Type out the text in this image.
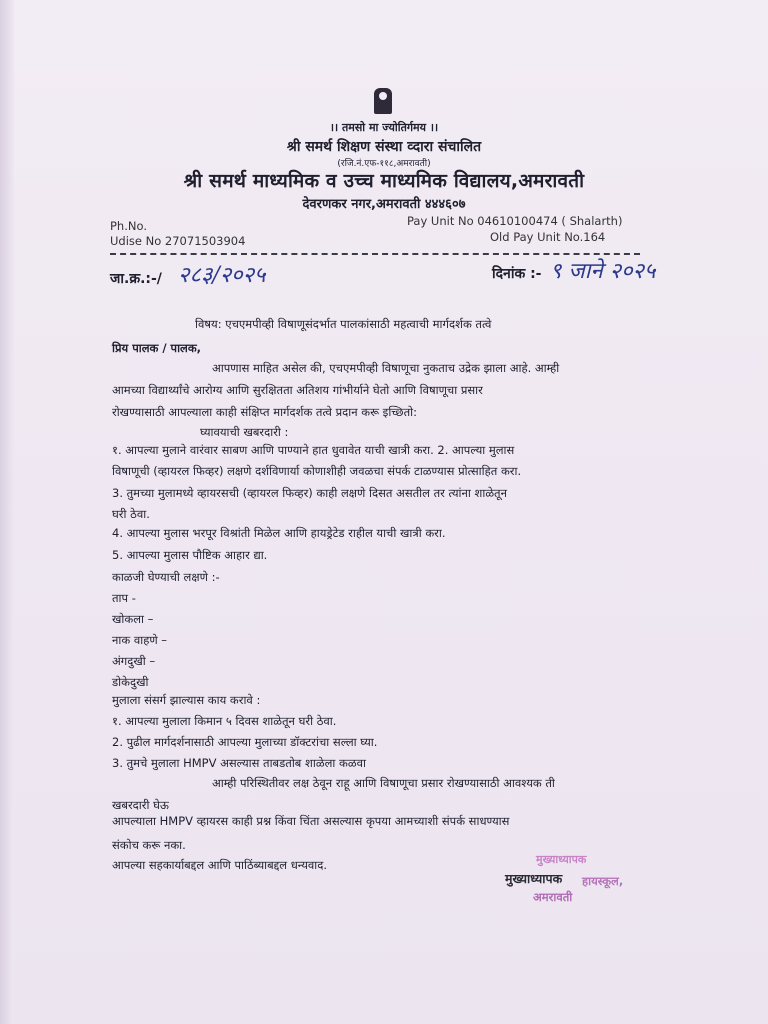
।। तमसो मा ज्योतिर्गमय ।।
श्री समर्थ शिक्षण संस्था व्दारा संचालित
(रजि.नं.एफ-११८,अमरावती)
श्री समर्थ माध्यमिक व उच्च माध्यमिक विद्यालय,अमरावती
देवरणकर नगर,अमरावती ४४४६०७
Ph.No.
Udise No 27071503904
Pay Unit No 04610100474 ( Shalarth)
Old Pay Unit No.164
जा.क्र.:-/ २८३/२०२५	दिनांक :- ९ जाने २०२५
विषय: एचएमपीव्ही विषाणूसंदर्भात पालकांसाठी महत्वाची मार्गदर्शक तत्वे
प्रिय पालक / पालक,
आपणास माहित असेल की, एचएमपीव्ही विषाणूचा नुकताच उद्रेक झाला आहे. आम्ही
आमच्या विद्यार्थ्यांचे आरोग्य आणि सुरक्षितता अतिशय गांभीर्याने घेतो आणि विषाणूचा प्रसार
रोखण्यासाठी आपल्याला काही संक्षिप्त मार्गदर्शक तत्वे प्रदान करू इच्छितो:
घ्यावयाची खबरदारी :
१. आपल्या मुलाने वारंवार साबण आणि पाण्याने हात धुवावेत याची खात्री करा. 2. आपल्या मुलास
विषाणूची (व्हायरल फिव्हर) लक्षणे दर्शविणार्या कोणाशीही जवळचा संपर्क टाळण्यास प्रोत्साहित करा.
3. तुमच्या मुलामध्ये व्हायरसची (व्हायरल फिव्हर) काही लक्षणे दिसत असतील तर त्यांना शाळेतून
घरी ठेवा.
4. आपल्या मुलास भरपूर विश्रांती मिळेल आणि हायड्रेटेड राहील याची खात्री करा.
5. आपल्या मुलास पौष्टिक आहार द्या.
काळजी घेण्याची लक्षणे :-
ताप -
खोकला –
नाक वाहणे –
अंगदुखी –
डोकेदुखी
मुलाला संसर्ग झाल्यास काय करावे :
१. आपल्या मुलाला किमान ५ दिवस शाळेतून घरी ठेवा.
2. पुढील मार्गदर्शनासाठी आपल्या मुलाच्या डॉक्टरांचा सल्ला घ्या.
3. तुमचे मुलाला HMPV असल्यास ताबडतोब शाळेला कळवा
आम्ही परिस्थितीवर लक्ष ठेवून राहू आणि विषाणूचा प्रसार रोखण्यासाठी आवश्यक ती
खबरदारी घेऊ
आपल्याला HMPV व्हायरस काही प्रश्न किंवा चिंता असल्यास कृपया आमच्याशी संपर्क साधण्यास
संकोच करू नका.
आपल्या सहकार्याबद्दल आणि पाठिंब्याबद्दल धन्यवाद.	मुख्याध्यापक
मुख्याध्यापक हायस्कूल,
अमरावती
